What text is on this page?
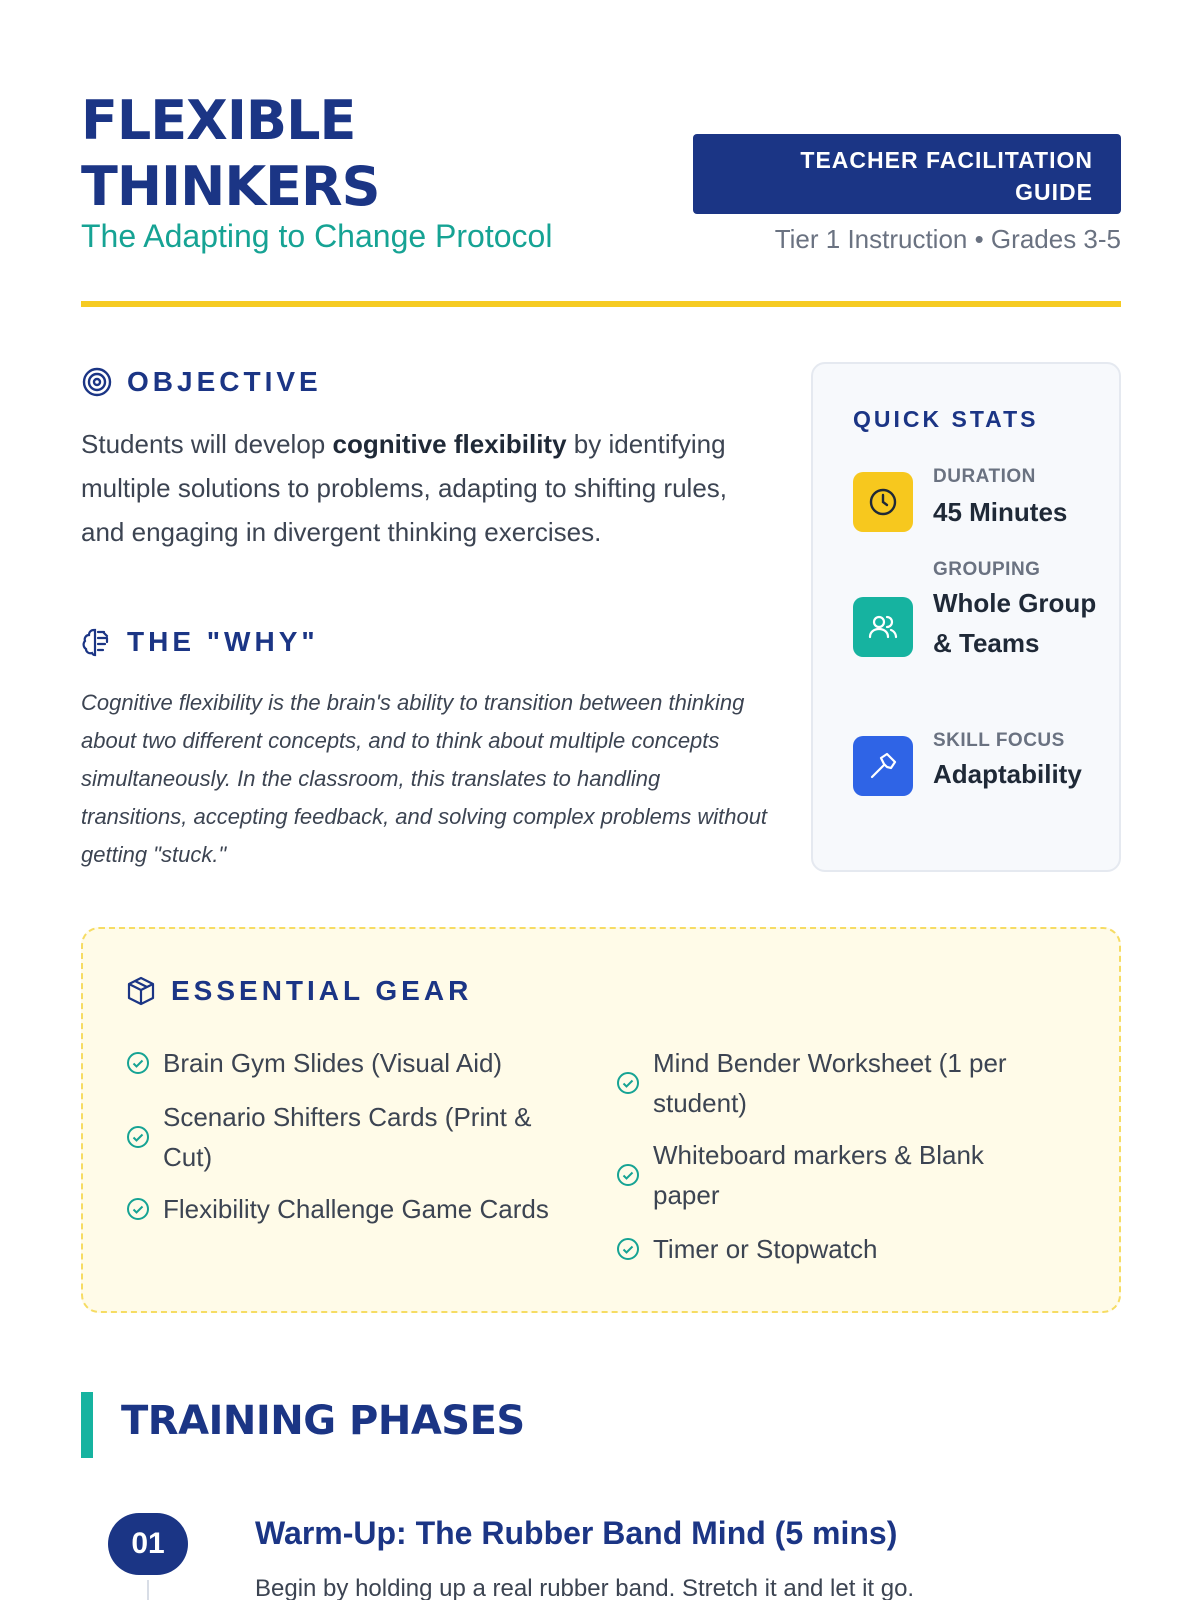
FLEXIBLE
THINKERS
The Adapting to Change Protocol
TEACHER FACILITATION
GUIDE
Tier 1 Instruction • Grades 3-5
OBJECTIVE
Students will develop cognitive flexibility by identifying multiple solutions to problems, adapting to shifting rules, and engaging in divergent thinking exercises.
THE "WHY"
Cognitive flexibility is the brain's ability to transition between thinking about two different concepts, and to think about multiple concepts simultaneously. In the classroom, this translates to handling transitions, accepting feedback, and solving complex problems without getting "stuck."
QUICK STATS
DURATION
45 Minutes
GROUPING
Whole Group & Teams
SKILL FOCUS
Adaptability
ESSENTIAL GEAR
Brain Gym Slides (Visual Aid)
Scenario Shifters Cards (Print & Cut)
Flexibility Challenge Game Cards
Mind Bender Worksheet (1 per student)
Whiteboard markers & Blank paper
Timer or Stopwatch
TRAINING PHASES
01	Warm-Up: The Rubber Band Mind (5 mins)
Begin by holding up a real rubber band. Stretch it and let it go.
